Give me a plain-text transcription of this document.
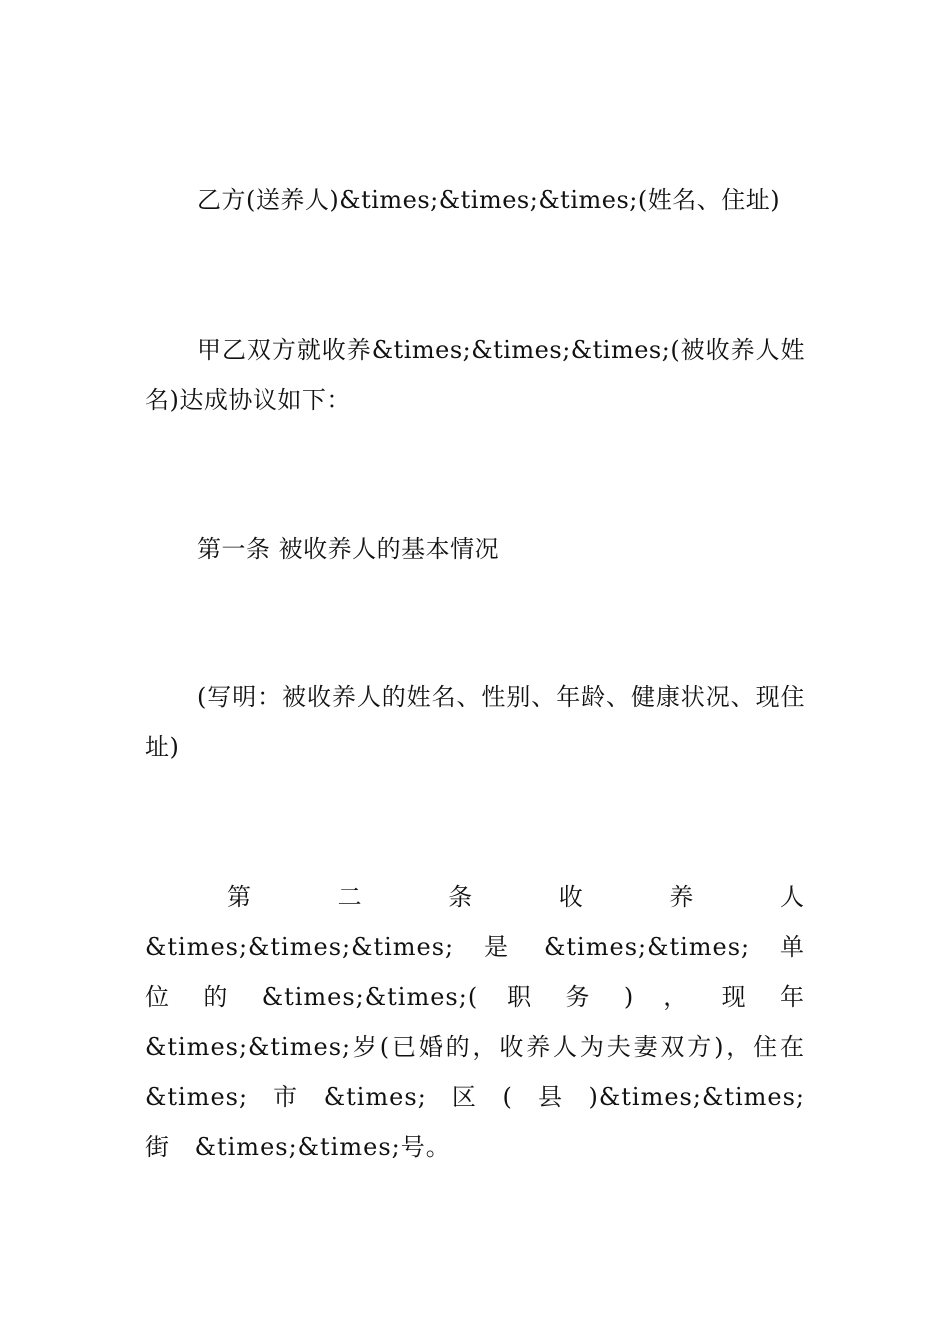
乙方(送养人)&times;&times;&times;(姓名、住址)

甲乙双方就收养&times;&times;&times;(被收养人姓名)达成协议如下：

第一条 被收养人的基本情况

(写明：被收养人的姓名、性别、年龄、健康状况、现住址)

第 二 条 收 养 人 &times;&times;&times; 是 &times;&times; 单 位 的 &times;&times;( 职 务 ) ， 现 年 &times;&times;岁(已婚的，收养人为夫妻双方)，住在 &times; 市 &times; 区 ( 县 )&times;&times; 街 &times;&times;号。
